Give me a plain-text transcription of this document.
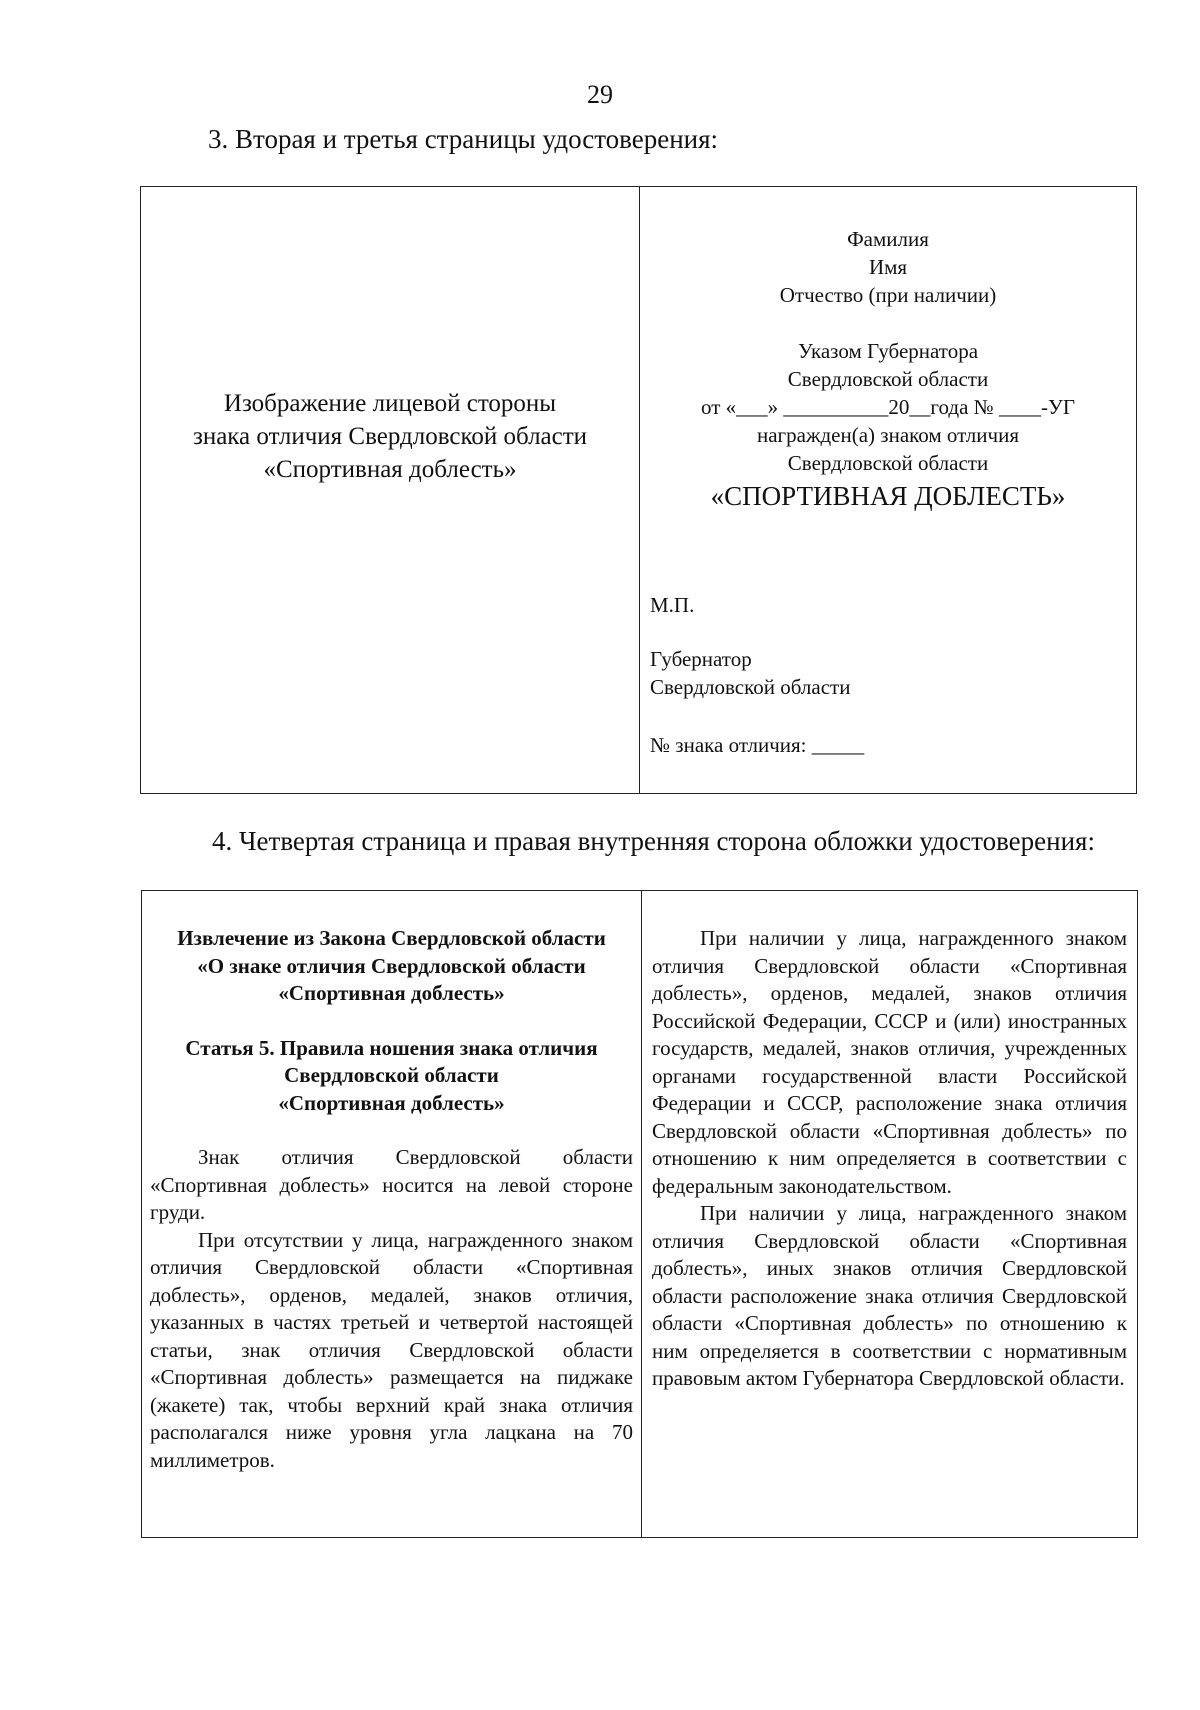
29
3. Вторая и третья страницы удостоверения:
Изображение лицевой стороны
знака отличия Свердловской области
«Спортивная доблесть»
Фамилия
Имя
Отчество (при наличии)
Указом Губернатора
Свердловской области
от «___» __________20__года № ____-УГ
награжден(а) знаком отличия
Свердловской области
«СПОРТИВНАЯ ДОБЛЕСТЬ»
М.П.
Губернатор
Свердловской области
№ знака отличия: _____
4. Четвертая страница и правая внутренняя сторона обложки удостоверения:
Извлечение из Закона Свердловской области
«О знаке отличия Свердловской области
«Спортивная доблесть»
Статья 5. Правила ношения знака отличия
Свердловской области
«Спортивная доблесть»
Знак отличия Свердловской области «Спортивная доблесть» носится на левой стороне груди.
При отсутствии у лица, награжденного знаком отличия Свердловской области «Спортивная доблесть», орденов, медалей, знаков отличия, указанных в частях третьей и четвертой настоящей статьи, знак отличия Свердловской области «Спортивная доблесть» размещается на пиджаке (жакете) так, чтобы верхний край знака отличия располагался ниже уровня угла лацкана на 70 миллиметров.
При наличии у лица, награжденного знаком отличия Свердловской области «Спортивная доблесть», орденов, медалей, знаков отличия Российской Федерации, СССР и (или) иностранных государств, медалей, знаков отличия, учрежденных органами государственной власти Российской Федерации и СССР, расположение знака отличия Свердловской области «Спортивная доблесть» по отношению к ним определяется в соответствии с федеральным законодательством.
При наличии у лица, награжденного знаком отличия Свердловской области «Спортивная доблесть», иных знаков отличия Свердловской области расположение знака отличия Свердловской области «Спортивная доблесть» по отношению к ним определяется в соответствии с нормативным правовым актом Губернатора Свердловской области.
